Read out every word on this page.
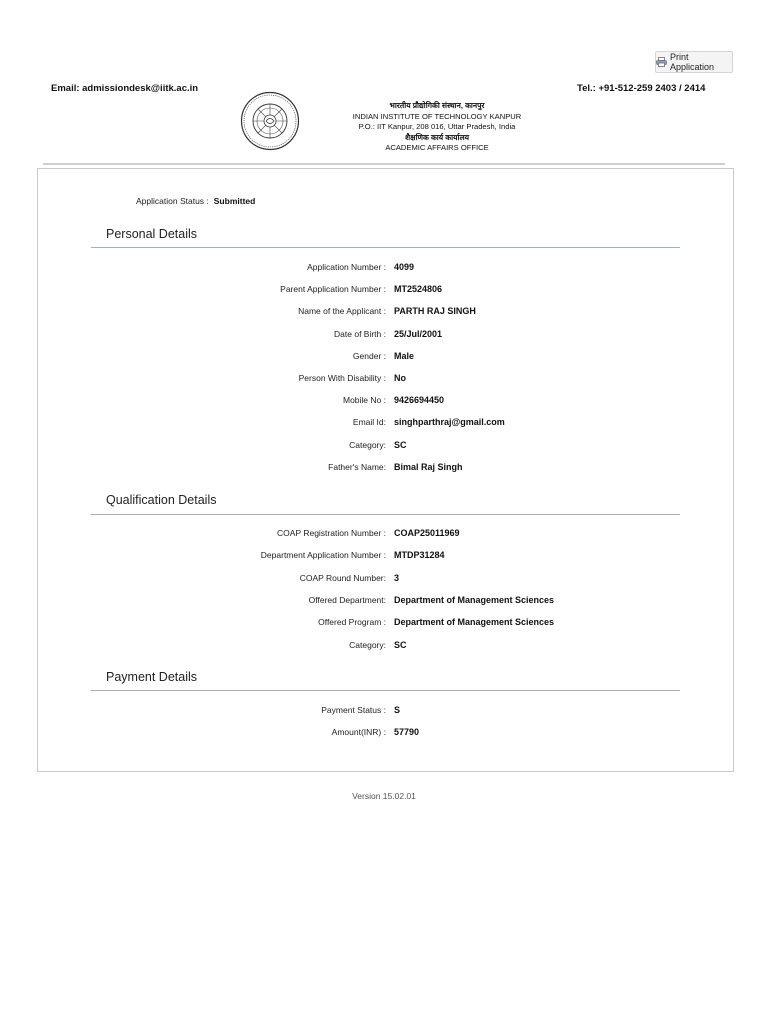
Print Application
Email: admissiondesk@iitk.ac.in	Tel.: +91-512-259 2403 / 2414
भारतीय प्रौद्योगिकी संस्थान, कानपुर
INDIAN INSTITUTE OF TECHNOLOGY KANPUR
P.O.: IIT Kanpur, 208 016, Uttar Pradesh, India
शैक्षणिक कार्य कार्यालय
ACADEMIC AFFAIRS OFFICE
Application Status : Submitted
Personal Details
Application Number : 4099
Parent Application Number : MT2524806
Name of the Applicant : PARTH RAJ SINGH
Date of Birth : 25/Jul/2001
Gender : Male
Person With Disability : No
Mobile No : 9426694450
Email Id: singhparthraj@gmail.com
Category: SC
Father's Name: Bimal Raj Singh
Qualification Details
COAP Registration Number : COAP25011969
Department Application Number : MTDP31284
COAP Round Number: 3
Offered Department: Department of Management Sciences
Offered Program : Department of Management Sciences
Category: SC
Payment Details
Payment Status : S
Amount(INR) : 57790
Version 15.02.01
